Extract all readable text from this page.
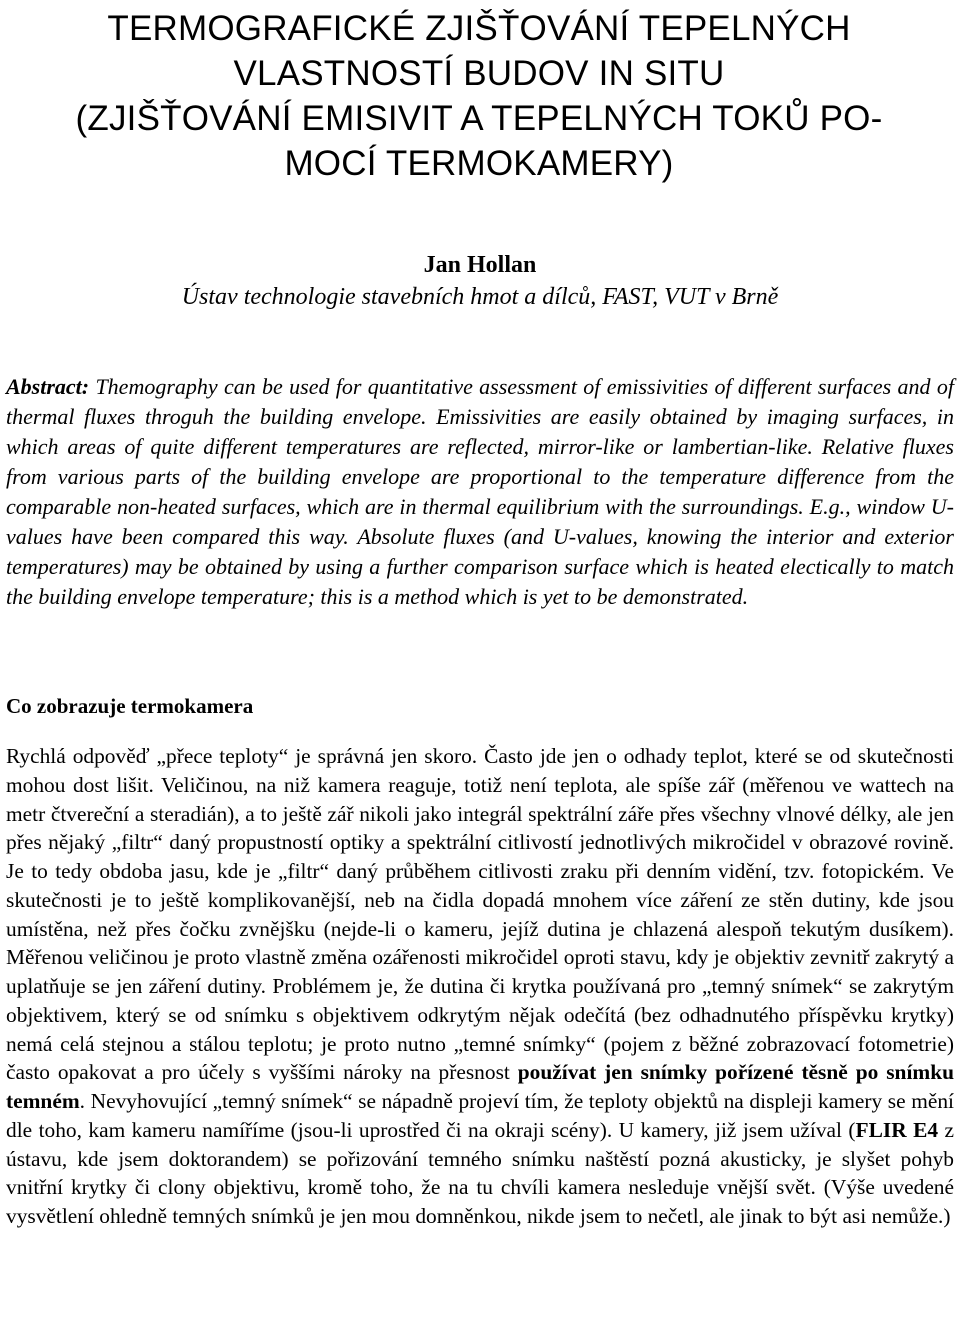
TERMOGRAFICKÉ ZJIŠŤOVÁNÍ TEPELNÝCH
VLASTNOSTÍ BUDOV IN SITU
(ZJIŠŤOVÁNÍ EMISIVIT A TEPELNÝCH TOKŮ PO-
MOCÍ TERMOKAMERY)
Jan Hollan
Ústav technologie stavebních hmot a dílců, FAST, VUT v Brně

Abstract: Themography can be used for quantitative assessment of emissivities of different surfaces and of thermal fluxes throguh the building envelope. Emissivities are easily obtained by imaging surfaces, in which areas of quite different temperatures are reflected, mirror-like or lambertian-like. Relative fluxes from various parts of the building envelope are proportional to the temperature difference from the comparable non-heated surfaces, which are in thermal equilibrium with the surroundings. E.g., window U-values have been compared this way. Absolute fluxes (and U-values, knowing the interior and exterior temperatures) may be obtained by using a further comparison surface which is heated electically to match the building envelope temperature; this is a method which is yet to be demonstrated.

Co zobrazuje termokamera

Rychlá odpověď „přece teploty“ je správná jen skoro. Často jde jen o odhady teplot, které se od skutečnosti mohou dost lišit. Veličinou, na niž kamera reaguje, totiž není teplota, ale spíše zář (měřenou ve wattech na metr čtvereční a steradián), a to ještě zář nikoli jako integrál spektrální záře přes všechny vlnové délky, ale jen přes nějaký „filtr“ daný propustností optiky a spektrální citlivostí jednotlivých mikročidel v obrazové rovině. Je to tedy obdoba jasu, kde je „filtr“ daný průběhem citlivosti zraku při denním vidění, tzv. fotopickém. Ve skutečnosti je to ještě komplikovanější, neb na čidla dopadá mnohem více záření ze stěn dutiny, kde jsou umístěna, než přes čočku zvnějšku (nejde-li o kameru, jejíž dutina je chlazená alespoň tekutým dusíkem). Měřenou veličinou je proto vlastně změna ozářenosti mikročidel oproti stavu, kdy je objektiv zevnitř zakrytý a uplatňuje se jen záření dutiny. Problémem je, že dutina či krytka používaná pro „temný snímek“ se zakrytým objektivem, který se od snímku s objektivem odkrytým nějak odečítá (bez odhadnutého příspěvku krytky) nemá celá stejnou a stálou teplotu; je proto nutno „temné snímky“ (pojem z běžné zobrazovací fotometrie) často opakovat a pro účely s vyššími nároky na přesnost používat jen snímky pořízené těsně po snímku temném. Nevyhovující „temný snímek“ se nápadně projeví tím, že teploty objektů na displeji kamery se mění dle toho, kam kameru namíříme (jsou-li uprostřed či na okraji scény). U kamery, již jsem užíval (FLIR E4 z ústavu, kde jsem doktorandem) se pořizování temného snímku naštěstí pozná akusticky, je slyšet pohyb vnitřní krytky či clony objektivu, kromě toho, že na tu chvíli kamera nesleduje vnější svět. (Výše uvedené vysvětlení ohledně temných snímků je jen mou domněnkou, nikde jsem to nečetl, ale jinak to být asi nemůže.)
